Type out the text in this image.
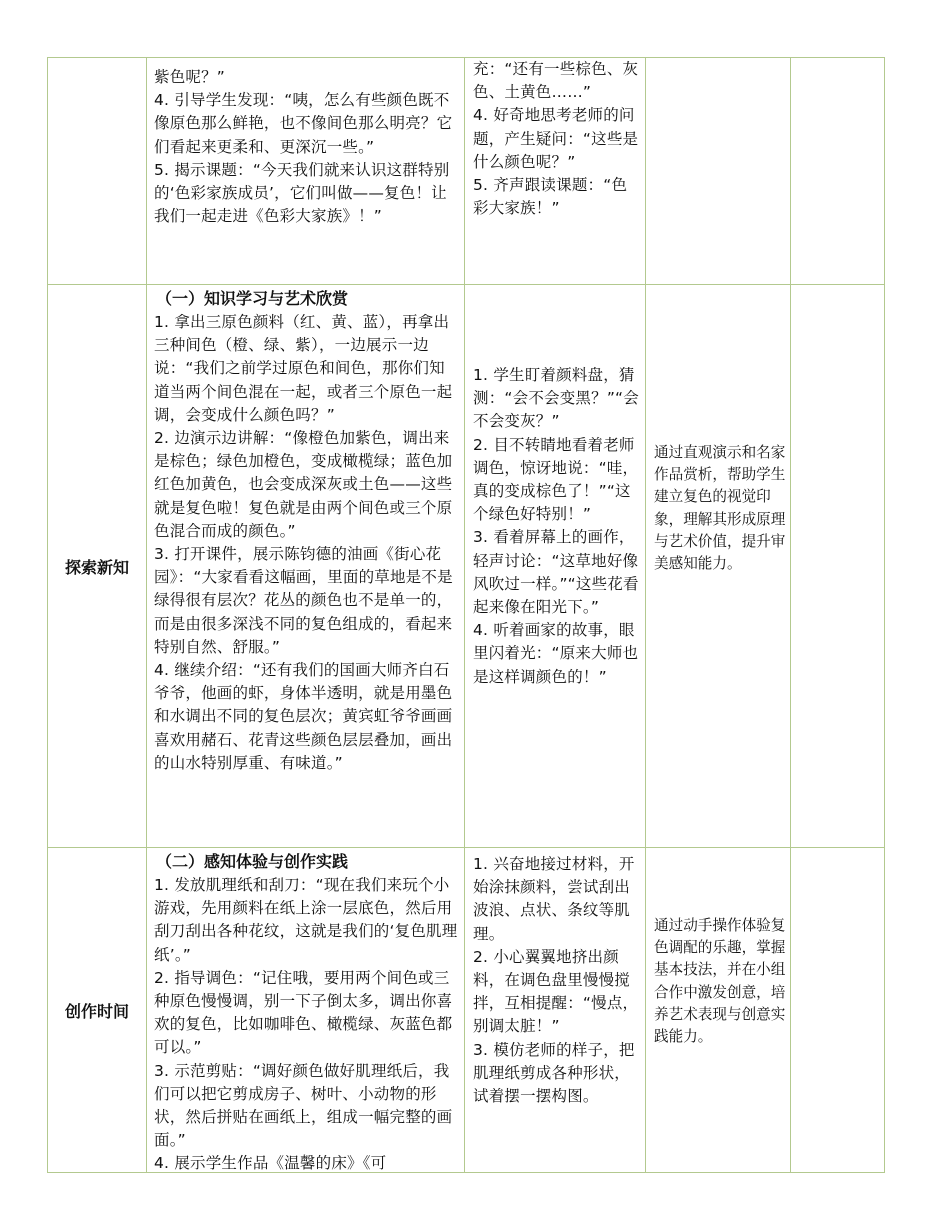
紫色呢？”
4. 引导学生发现：“咦，怎么有些颜色既不像原色那么鲜艳，也不像间色那么明亮？它们看起来更柔和、更深沉一些。”
5. 揭示课题：“今天我们就来认识这群特别的‘色彩家族成员’，它们叫做——复色！让我们一起走进《色彩大家族》！”
充：“还有一些棕色、灰色、土黄色……”
4. 好奇地思考老师的问题，产生疑问：“这些是什么颜色呢？”
5. 齐声跟读课题：“色彩大家族！”
探索新知
（一）知识学习与艺术欣赏
1. 拿出三原色颜料（红、黄、蓝），再拿出三种间色（橙、绿、紫），一边展示一边说：“我们之前学过原色和间色，那你们知道当两个间色混在一起，或者三个原色一起调，会变成什么颜色吗？”
2. 边演示边讲解：“像橙色加紫色，调出来是棕色；绿色加橙色，变成橄榄绿；蓝色加红色加黄色，也会变成深灰或土色——这些就是复色啦！复色就是由两个间色或三个原色混合而成的颜色。”
3. 打开课件，展示陈钧德的油画《街心花园》：“大家看看这幅画，里面的草地是不是绿得很有层次？花丛的颜色也不是单一的，而是由很多深浅不同的复色组成的，看起来特别自然、舒服。”
4. 继续介绍：“还有我们的国画大师齐白石爷爷，他画的虾，身体半透明，就是用墨色和水调出不同的复色层次；黄宾虹爷爷画画喜欢用赭石、花青这些颜色层层叠加，画出的山水特别厚重、有味道。”
1. 学生盯着颜料盘，猜测：“会不会变黑？”“会不会变灰？”
2. 目不转睛地看着老师调色，惊讶地说：“哇，真的变成棕色了！”“这个绿色好特别！”
3. 看着屏幕上的画作，轻声讨论：“这草地好像风吹过一样。”“这些花看起来像在阳光下。”
4. 听着画家的故事，眼里闪着光：“原来大师也是这样调颜色的！”
通过直观演示和名家作品赏析，帮助学生建立复色的视觉印象，理解其形成原理与艺术价值，提升审美感知能力。
创作时间
（二）感知体验与创作实践
1. 发放肌理纸和刮刀：“现在我们来玩个小游戏，先用颜料在纸上涂一层底色，然后用刮刀刮出各种花纹，这就是我们的‘复色肌理纸’。”
2. 指导调色：“记住哦，要用两个间色或三种原色慢慢调，别一下子倒太多，调出你喜欢的复色，比如咖啡色、橄榄绿、灰蓝色都可以。”
3. 示范剪贴：“调好颜色做好肌理纸后，我们可以把它剪成房子、树叶、小动物的形状，然后拼贴在画纸上，组成一幅完整的画面。”
4. 展示学生作品《温馨的床》《可
1. 兴奋地接过材料，开始涂抹颜料，尝试刮出波浪、点状、条纹等肌理。
2. 小心翼翼地挤出颜料，在调色盘里慢慢搅拌，互相提醒：“慢点，别调太脏！”
3. 模仿老师的样子，把肌理纸剪成各种形状，试着摆一摆构图。
通过动手操作体验复色调配的乐趣，掌握基本技法，并在小组合作中激发创意，培养艺术表现与创意实践能力。
